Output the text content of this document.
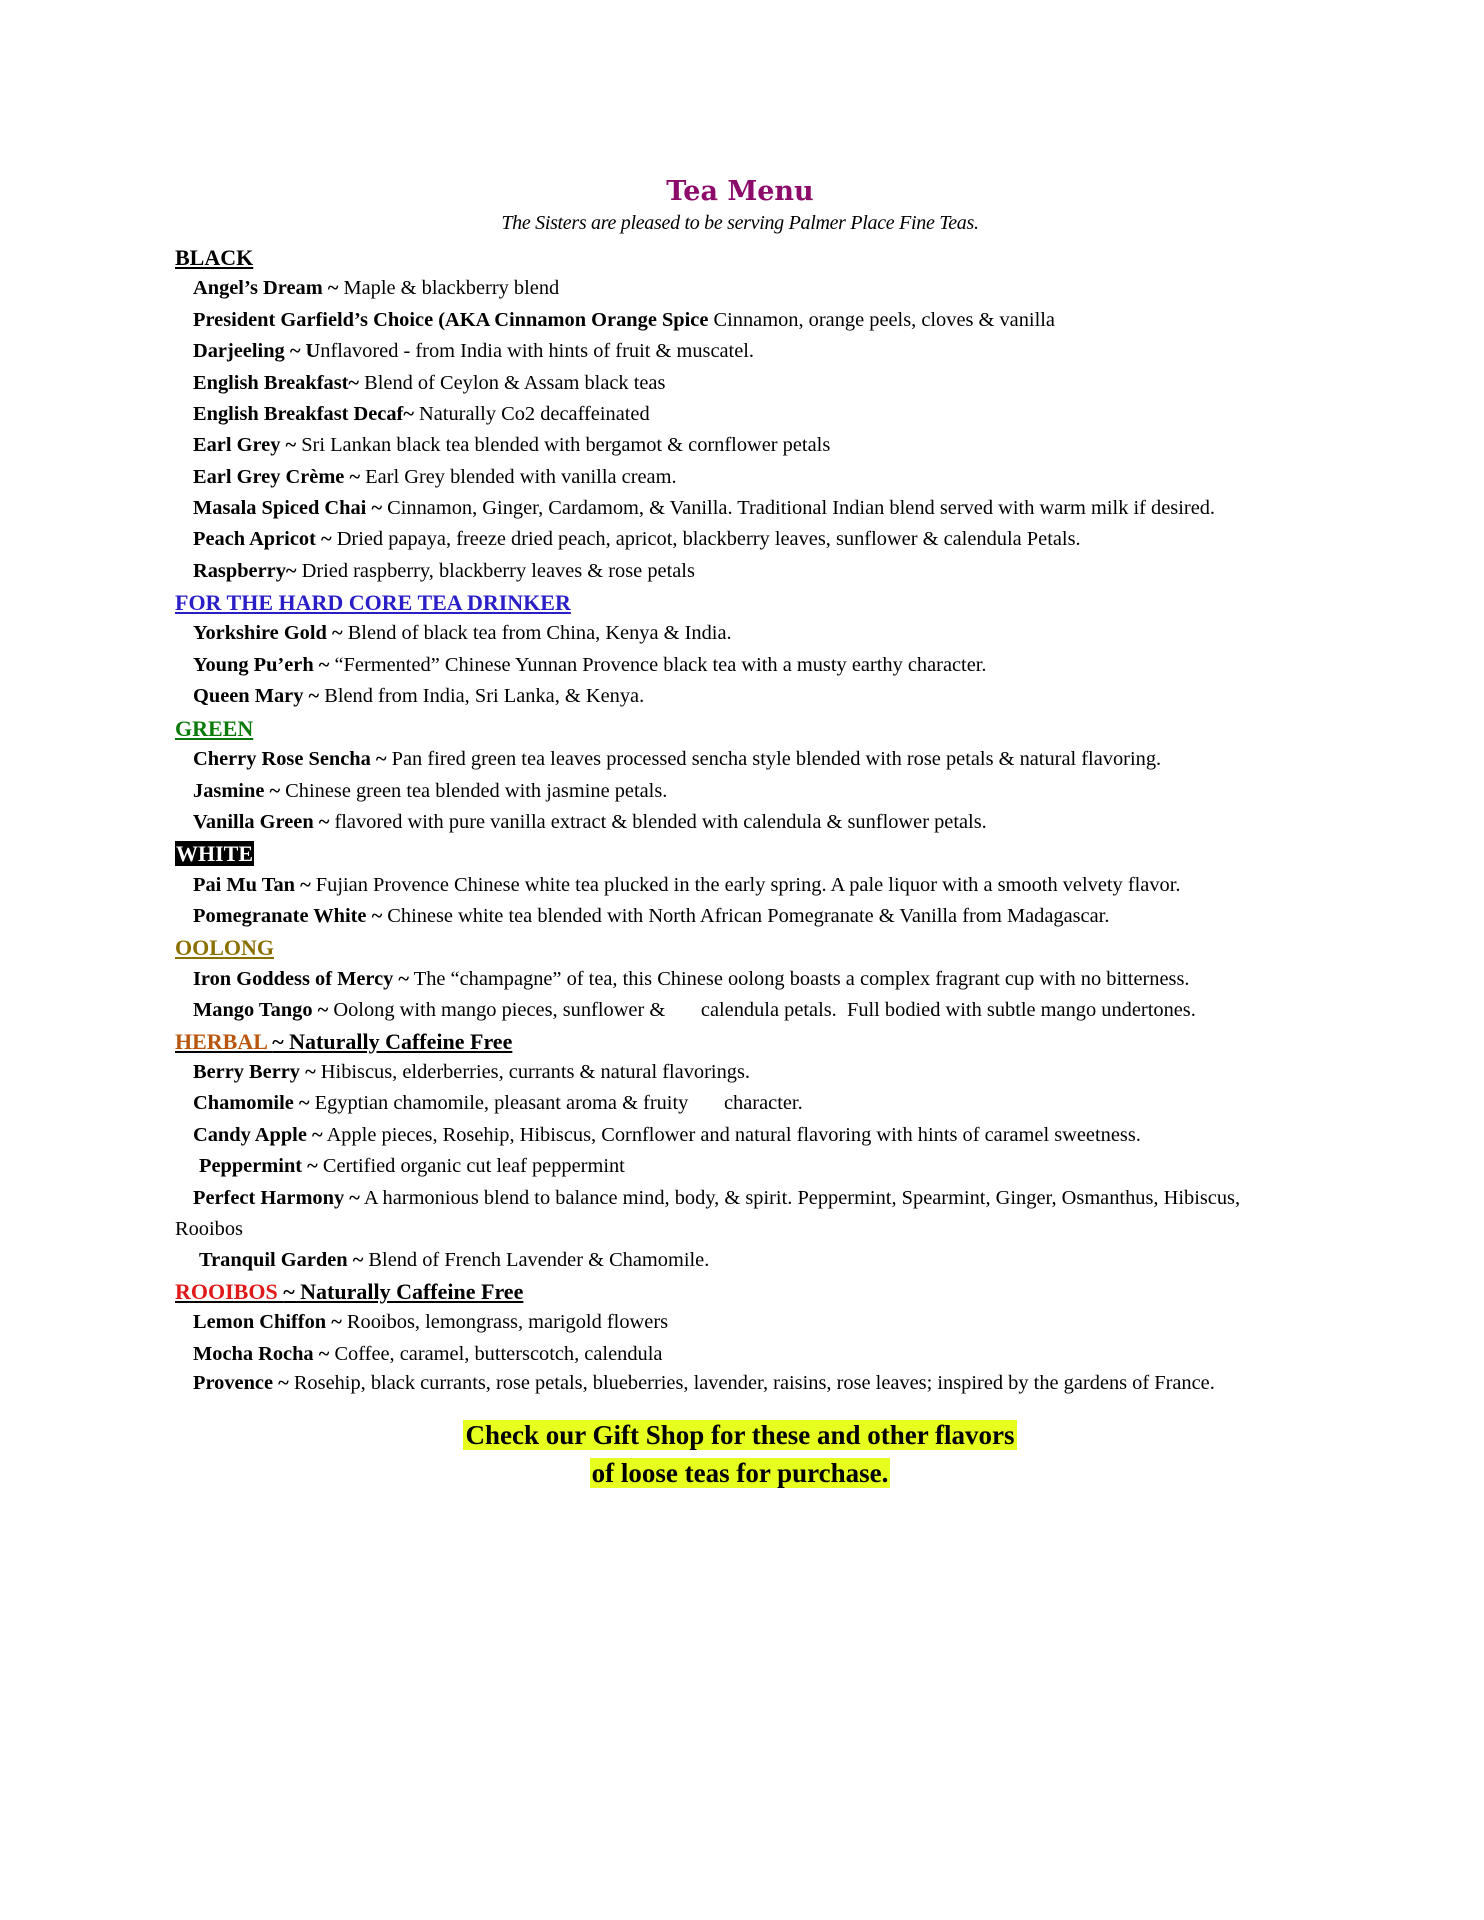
Tea Menu

The Sisters are pleased to be serving Palmer Place Fine Teas.

BLACK

Angel’s Dream ~ Maple & blackberry blend

President Garfield’s Choice (AKA Cinnamon Orange Spice Cinnamon, orange peels, cloves & vanilla

Darjeeling ~ Unflavored - from India with hints of fruit & muscatel.

English Breakfast~ Blend of Ceylon & Assam black teas

English Breakfast Decaf~ Naturally Co2 decaffeinated

Earl Grey ~ Sri Lankan black tea blended with bergamot & cornflower petals

Earl Grey Crème ~ Earl Grey blended with vanilla cream.

Masala Spiced Chai ~ Cinnamon, Ginger, Cardamom, & Vanilla. Traditional Indian blend served with warm milk if desired.

Peach Apricot ~ Dried papaya, freeze dried peach, apricot, blackberry leaves, sunflower & calendula Petals.

Raspberry~ Dried raspberry, blackberry leaves & rose petals

FOR THE HARD CORE TEA DRINKER

Yorkshire Gold ~ Blend of black tea from China, Kenya & India.

Young Pu’erh ~ “Fermented” Chinese Yunnan Provence black tea with a musty earthy character.

Queen Mary ~ Blend from India, Sri Lanka, & Kenya.

GREEN

Cherry Rose Sencha ~ Pan fired green tea leaves processed sencha style blended with rose petals & natural flavoring.

Jasmine ~ Chinese green tea blended with jasmine petals.

Vanilla Green ~ flavored with pure vanilla extract & blended with calendula & sunflower petals.

WHITE

Pai Mu Tan ~ Fujian Provence Chinese white tea plucked in the early spring. A pale liquor with a smooth velvety flavor.

Pomegranate White ~ Chinese white tea blended with North African Pomegranate & Vanilla from Madagascar.

OOLONG

Iron Goddess of Mercy ~ The “champagne” of tea, this Chinese oolong boasts a complex fragrant cup with no bitterness.

Mango Tango ~ Oolong with mango pieces, sunflower &       calendula petals.  Full bodied with subtle mango undertones.

HERBAL ~ Naturally Caffeine Free

Berry Berry ~ Hibiscus, elderberries, currants & natural flavorings.

Chamomile ~ Egyptian chamomile, pleasant aroma & fruity       character.

Candy Apple ~ Apple pieces, Rosehip, Hibiscus, Cornflower and natural flavoring with hints of caramel sweetness.

Peppermint ~ Certified organic cut leaf peppermint

Perfect Harmony ~ A harmonious blend to balance mind, body, & spirit. Peppermint, Spearmint, Ginger, Osmanthus, Hibiscus, Rooibos

Tranquil Garden ~ Blend of French Lavender & Chamomile.

ROOIBOS ~ Naturally Caffeine Free

Lemon Chiffon ~ Rooibos, lemongrass, marigold flowers

Mocha Rocha ~ Coffee, caramel, butterscotch, calendula

Provence ~ Rosehip, black currants, rose petals, blueberries, lavender, raisins, rose leaves; inspired by the gardens of France.

Check our Gift Shop for these and other flavors
of loose teas for purchase.
